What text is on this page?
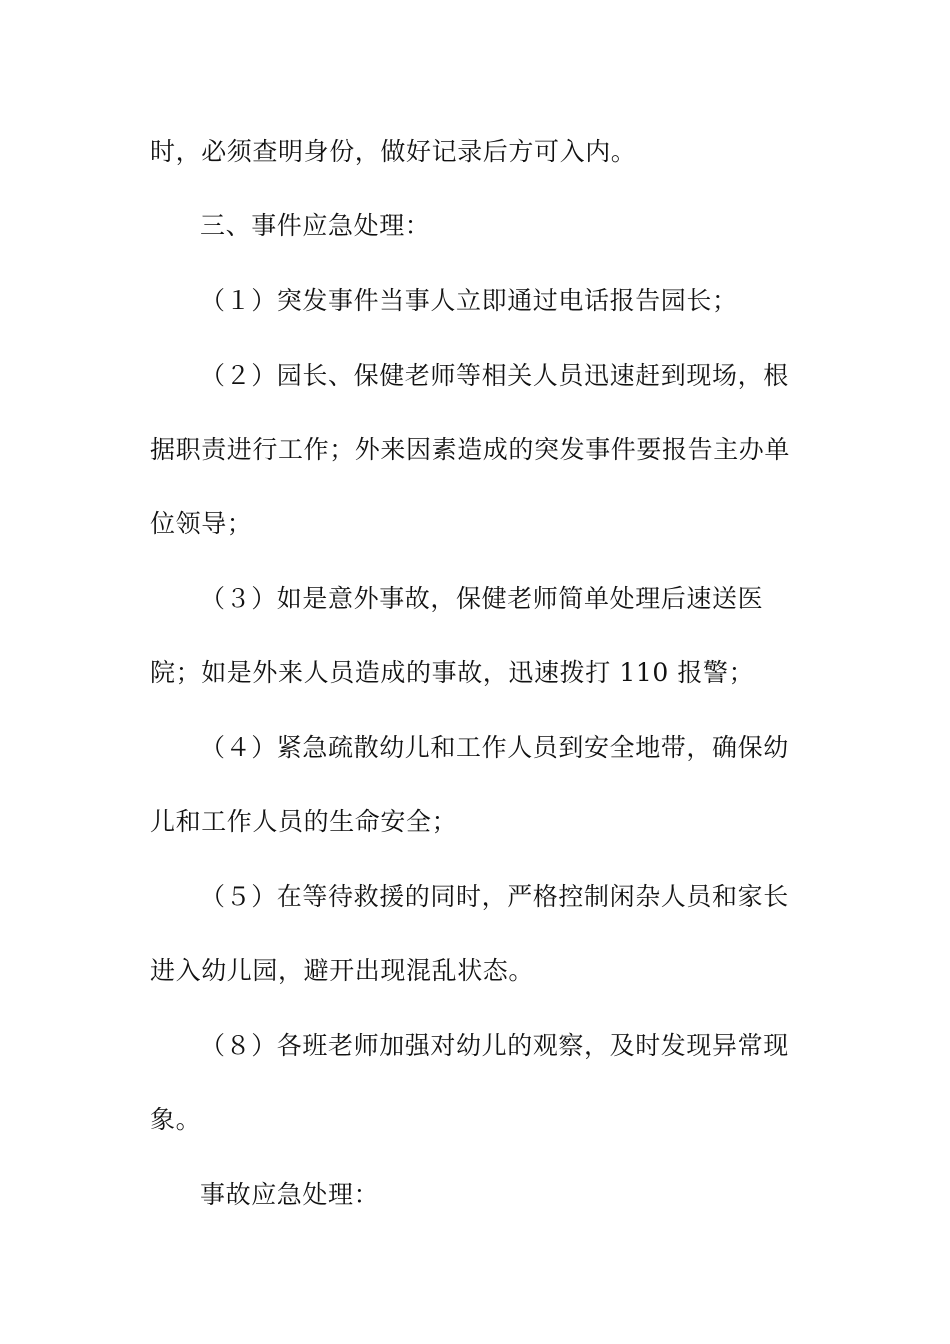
时，必须查明身份，做好记录后方可入内。
三、事件应急处理：
（１）突发事件当事人立即通过电话报告园长；
（２）园长、保健老师等相关人员迅速赶到现场，根
据职责进行工作；外来因素造成的突发事件要报告主办单
位领导；
（３）如是意外事故，保健老师简单处理后速送医
院；如是外来人员造成的事故，迅速拨打 110 报警；
（４）紧急疏散幼儿和工作人员到安全地带，确保幼
儿和工作人员的生命安全；
（５）在等待救援的同时，严格控制闲杂人员和家长
进入幼儿园，避开出现混乱状态。
（８）各班老师加强对幼儿的观察，及时发现异常现
象。
事故应急处理：
